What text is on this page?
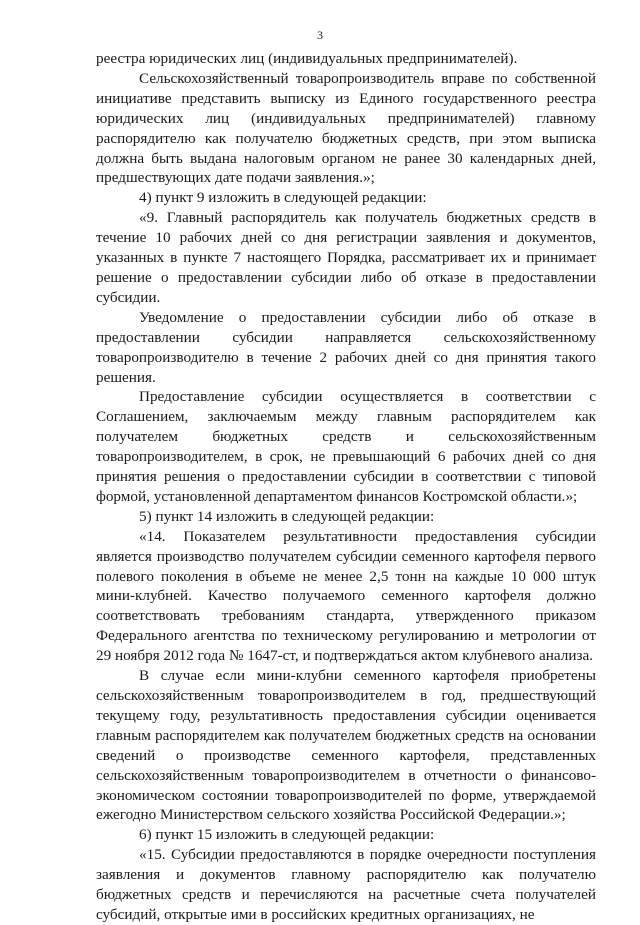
3

реестра юридических лиц (индивидуальных предпринимателей).

Сельскохозяйственный товаропроизводитель вправе по собственной инициативе представить выписку из Единого государственного реестра юридических лиц (индивидуальных предпринимателей) главному распорядителю как получателю бюджетных средств, при этом выписка должна быть выдана налоговым органом не ранее 30 календарных дней, предшествующих дате подачи заявления.»;

4) пункт 9 изложить в следующей редакции:

«9. Главный распорядитель как получатель бюджетных средств в течение 10 рабочих дней со дня регистрации заявления и документов, указанных в пункте 7 настоящего Порядка, рассматривает их и принимает решение о предоставлении субсидии либо об отказе в предоставлении субсидии.

Уведомление о предоставлении субсидии либо об отказе в предоставлении субсидии направляется сельскохозяйственному товаропроизводителю в течение 2 рабочих дней со дня принятия такого решения.

Предоставление субсидии осуществляется в соответствии с Соглашением, заключаемым между главным распорядителем как получателем бюджетных средств и сельскохозяйственным товаропроизводителем, в срок, не превышающий 6 рабочих дней со дня принятия решения о предоставлении субсидии в соответствии с типовой формой, установленной департаментом финансов Костромской области.»;

5) пункт 14 изложить в следующей редакции:

«14. Показателем результативности предоставления субсидии является производство получателем субсидии семенного картофеля первого полевого поколения в объеме не менее 2,5 тонн на каждые 10 000 штук мини-клубней. Качество получаемого семенного картофеля должно соответствовать требованиям стандарта, утвержденного приказом Федерального агентства по техническому регулированию и метрологии от 29 ноября 2012 года № 1647-ст, и подтверждаться актом клубневого анализа.

В случае если мини-клубни семенного картофеля приобретены сельскохозяйственным товаропроизводителем в год, предшествующий текущему году, результативность предоставления субсидии оценивается главным распорядителем как получателем бюджетных средств на основании сведений о производстве семенного картофеля, представленных сельскохозяйственным товаропроизводителем в отчетности о финансово-экономическом состоянии товаропроизводителей по форме, утверждаемой ежегодно Министерством сельского хозяйства Российской Федерации.»;

6) пункт 15 изложить в следующей редакции:

«15. Субсидии предоставляются в порядке очередности поступления заявления и документов главному распорядителю как получателю бюджетных средств и перечисляются на расчетные счета получателей субсидий, открытые ими в российских кредитных организациях, не
